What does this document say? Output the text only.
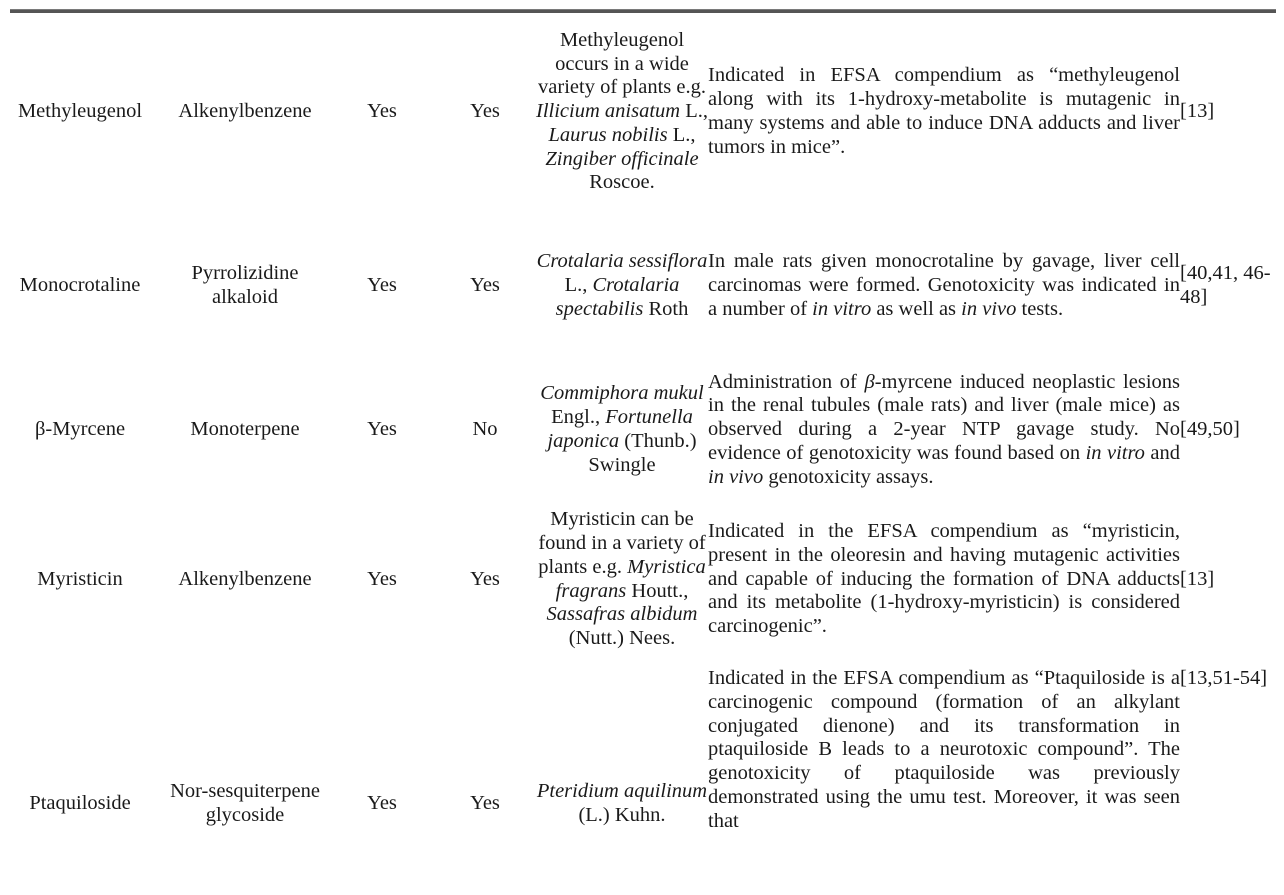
Methyleugenol	Alkenylbenzene	Yes	Yes	Methyleugenol occurs in a wide variety of plants e.g. Illicium anisatum L., Laurus nobilis L., Zingiber officinale Roscoe.	Indicated in EFSA compendium as “methyleugenol along with its 1-hydroxy-metabolite is mutagenic in many systems and able to induce DNA adducts and liver tumors in mice”.	[13]
Monocrotaline	Pyrrolizidine alkaloid	Yes	Yes	Crotalaria sessiflora L., Crotalaria spectabilis Roth	In male rats given monocrotaline by gavage, liver cell carcinomas were formed. Genotoxicity was indicated in a number of in vitro as well as in vivo tests.	[40,41, 46-48]
β-Myrcene	Monoterpene	Yes	No	Commiphora mukul Engl., Fortunella japonica (Thunb.) Swingle	Administration of β-myrcene induced neoplastic lesions in the renal tubules (male rats) and liver (male mice) as observed during a 2-year NTP gavage study. No evidence of genotoxicity was found based on in vitro and in vivo genotoxicity assays.	[49,50]
Myristicin	Alkenylbenzene	Yes	Yes	Myristicin can be found in a variety of plants e.g. Myristica fragrans Houtt., Sassafras albidum (Nutt.) Nees.	Indicated in the EFSA compendium as “myristicin, present in the oleoresin and having mutagenic activities and capable of inducing the formation of DNA adducts and its metabolite (1-hydroxy-myristicin) is considered carcinogenic”.	[13]
Ptaquiloside	Nor-sesquiterpene glycoside	Yes	Yes	Pteridium aquilinum (L.) Kuhn.	Indicated in the EFSA compendium as “Ptaquiloside is a carcinogenic compound (formation of an alkylant conjugated dienone) and its transformation in ptaquiloside B leads to a neurotoxic compound”. The genotoxicity of ptaquiloside was previously demonstrated using the umu test. Moreover, it was seen that	[13,51-54]
